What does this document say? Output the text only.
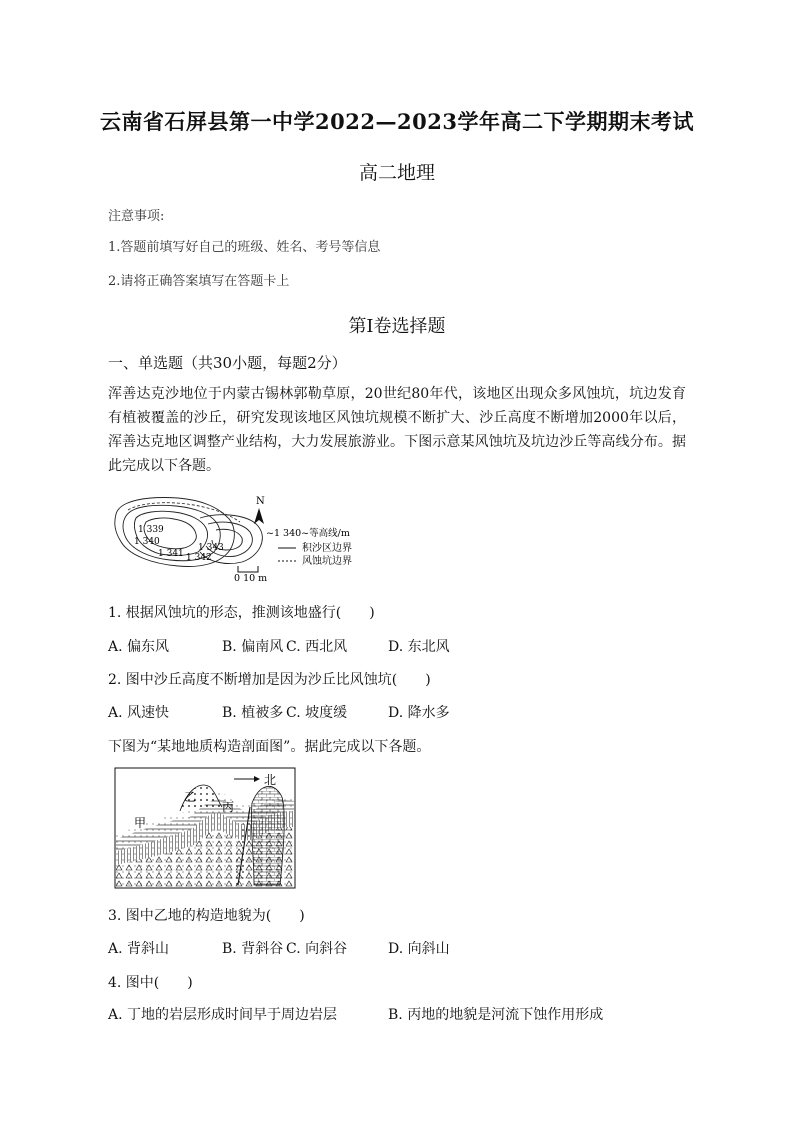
云南省石屏县第一中学2022—2023学年高二下学期期末考试
高二地理
注意事项:
1.答题前填写好自己的班级、姓名、考号等信息
2.请将正确答案填写在答题卡上
第Ⅰ卷选择题
一、单选题（共30小题，每题2分）
浑善达克沙地位于内蒙古锡林郭勒草原，20世纪80年代，该地区出现众多风蚀坑，坑边发育有植被覆盖的沙丘，研究发现该地区风蚀坑规模不断扩大、沙丘高度不断增加2000年以后，浑善达克地区调整产业结构，大力发展旅游业。下图示意某风蚀坑及坑边沙丘等高线分布。据此完成以下各题。
1 339
1 340
1 341 1 342
1 343
N
~1 340~等高线/m
积沙区边界
风蚀坑边界
0 10 m
1. 根据风蚀坑的形态，推测该地盛行(　　)
A. 偏东风	B. 偏南风 C. 西北风	D. 东北风
2. 图中沙丘高度不断增加是因为沙丘比风蚀坑(　　)
A. 风速快	B. 植被多 C. 坡度缓	D. 降水多
下图为“某地地质构造剖面图”。据此完成以下各题。
北
甲
乙
丙
3. 图中乙地的构造地貌为(　　)
A. 背斜山	B. 背斜谷 C. 向斜谷	D. 向斜山
4. 图中(　　)
A. 丁地的岩层形成时间早于周边岩层	B. 丙地的地貌是河流下蚀作用形成
